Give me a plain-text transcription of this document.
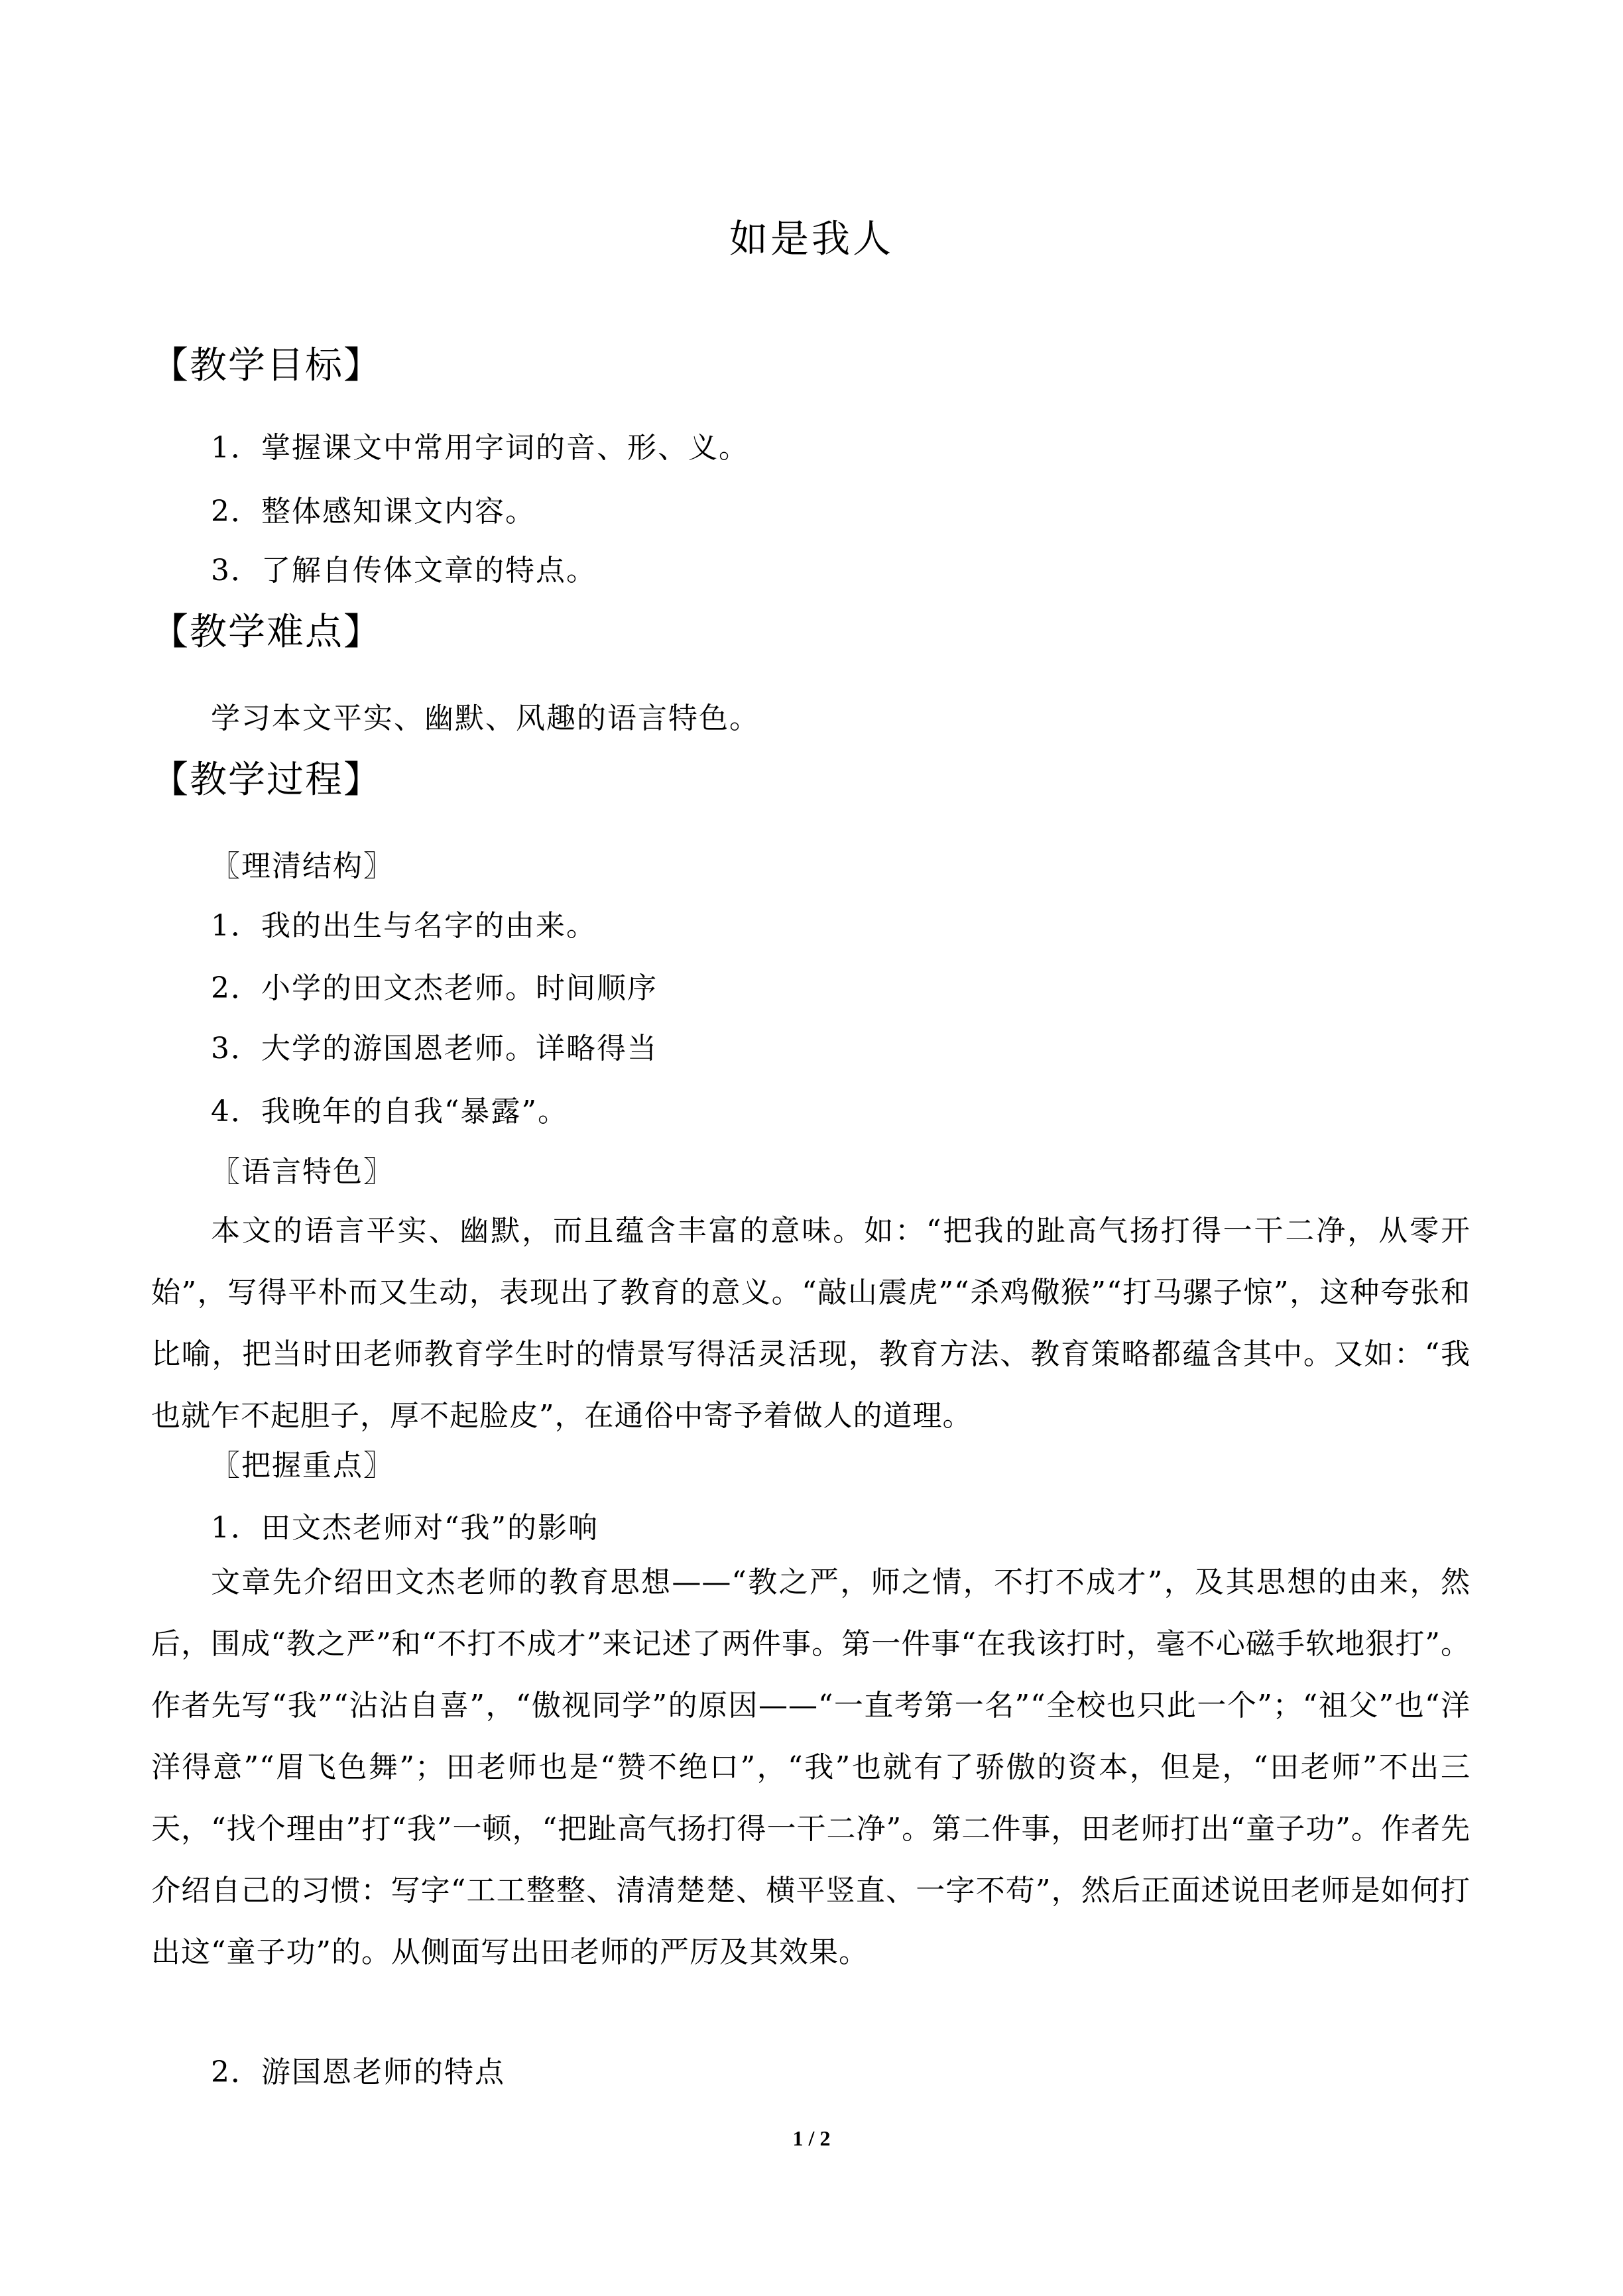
如是我人
【教学目标】
1．掌握课文中常用字词的音、形、义。
2．整体感知课文内容。
3．了解自传体文章的特点。
【教学难点】
学习本文平实、幽默、风趣的语言特色。
【教学过程】
〖理清结构〗
1．我的出生与名字的由来。
2．小学的田文杰老师。时间顺序
3．大学的游国恩老师。详略得当
4．我晚年的自我“暴露”。
〖语言特色〗

本文的语言平实、幽默，而且蕴含丰富的意味。如：“把我的趾高气扬打得一干二净，从零开始”，写得平朴而又生动，表现出了教育的意义。“敲山震虎”“杀鸡儆猴”“打马骡子惊”，这种夸张和比喻，把当时田老师教育学生时的情景写得活灵活现，教育方法、教育策略都蕴含其中。又如：“我也就乍不起胆子，厚不起脸皮”，在通俗中寄予着做人的道理。

〖把握重点〗
1．田文杰老师对“我”的影响

文章先介绍田文杰老师的教育思想——“教之严，师之情，不打不成才”，及其思想的由来，然后，围成“教之严”和“不打不成才”来记述了两件事。第一件事“在我该打时，毫不心磁手软地狠打”。作者先写“我”“沾沾自喜”，“傲视同学”的原因——“一直考第一名”“全校也只此一个”；“祖父”也“洋洋得意”“眉飞色舞”；田老师也是“赞不绝口”，“我”也就有了骄傲的资本，但是，“田老师”不出三天，“找个理由”打“我”一顿，“把趾高气扬打得一干二净”。第二件事，田老师打出“童子功”。作者先介绍自己的习惯：写字“工工整整、清清楚楚、横平竖直、一字不苟”，然后正面述说田老师是如何打出这“童子功”的。从侧面写出田老师的严厉及其效果。

2．游国恩老师的特点
1 / 2
